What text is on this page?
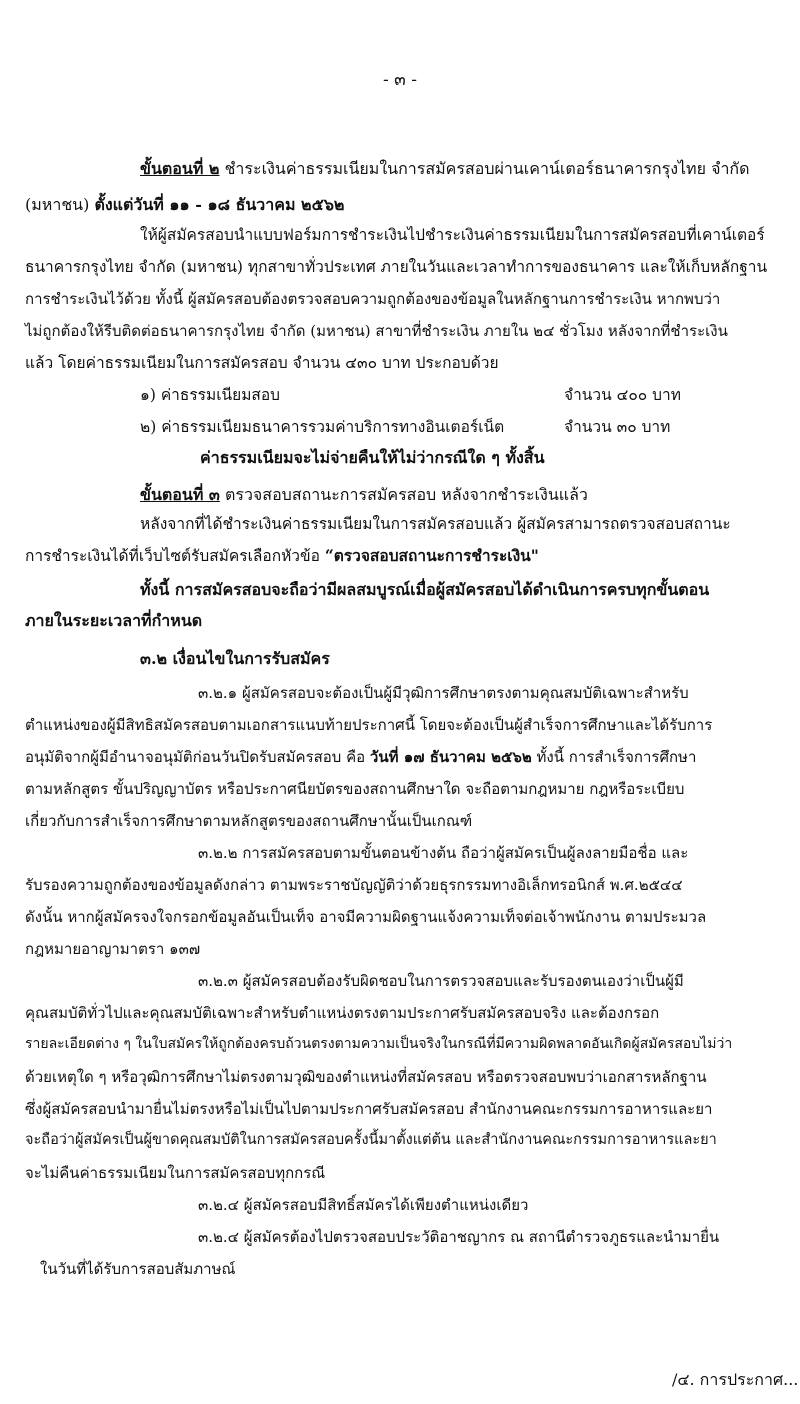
- ๓ -
ขั้นตอนที่ ๒ ชำระเงินค่าธรรมเนียมในการสมัครสอบผ่านเคาน์เตอร์ธนาคารกรุงไทย จำกัด
(มหาชน) ตั้งแต่วันที่ ๑๑ - ๑๘ ธันวาคม ๒๕๖๒
ให้ผู้สมัครสอบนำแบบฟอร์มการชำระเงินไปชำระเงินค่าธรรมเนียมในการสมัครสอบที่เคาน์เตอร์
ธนาคารกรุงไทย จำกัด (มหาชน) ทุกสาขาทั่วประเทศ ภายในวันและเวลาทำการของธนาคาร และให้เก็บหลักฐาน
การชำระเงินไว้ด้วย ทั้งนี้ ผู้สมัครสอบต้องตรวจสอบความถูกต้องของข้อมูลในหลักฐานการชำระเงิน หากพบว่า
ไม่ถูกต้องให้รีบติดต่อธนาคารกรุงไทย จำกัด (มหาชน) สาขาที่ชำระเงิน ภายใน ๒๔ ชั่วโมง หลังจากที่ชำระเงิน
แล้ว โดยค่าธรรมเนียมในการสมัครสอบ จำนวน ๔๓๐ บาท ประกอบด้วย
๑) ค่าธรรมเนียมสอบ	จำนวน ๔๐๐ บาท
๒) ค่าธรรมเนียมธนาคารรวมค่าบริการทางอินเตอร์เน็ต	จำนวน ๓๐ บาท
ค่าธรรมเนียมจะไม่จ่ายคืนให้ไม่ว่ากรณีใด ๆ ทั้งสิ้น
ขั้นตอนที่ ๓ ตรวจสอบสถานะการสมัครสอบ หลังจากชำระเงินแล้ว
หลังจากที่ได้ชำระเงินค่าธรรมเนียมในการสมัครสอบแล้ว ผู้สมัครสามารถตรวจสอบสถานะ
การชำระเงินได้ที่เว็บไซต์รับสมัครเลือกหัวข้อ “ตรวจสอบสถานะการชำระเงิน"
ทั้งนี้ การสมัครสอบจะถือว่ามีผลสมบูรณ์เมื่อผู้สมัครสอบได้ดำเนินการครบทุกขั้นตอน
ภายในระยะเวลาที่กำหนด
๓.๒ เงื่อนไขในการรับสมัคร
๓.๒.๑ ผู้สมัครสอบจะต้องเป็นผู้มีวุฒิการศึกษาตรงตามคุณสมบัติเฉพาะสำหรับ
ตำแหน่งของผู้มีสิทธิสมัครสอบตามเอกสารแนบท้ายประกาศนี้ โดยจะต้องเป็นผู้สำเร็จการศึกษาและได้รับการ
อนุมัติจากผู้มีอำนาจอนุมัติก่อนวันปิดรับสมัครสอบ คือ วันที่ ๑๗ ธันวาคม ๒๕๖๒ ทั้งนี้ การสำเร็จการศึกษา
ตามหลักสูตร ขั้นปริญญาบัตร หรือประกาศนียบัตรของสถานศึกษาใด จะถือตามกฎหมาย กฎหรือระเบียบ
เกี่ยวกับการสำเร็จการศึกษาตามหลักสูตรของสถานศึกษานั้นเป็นเกณฑ์
๓.๒.๒ การสมัครสอบตามขั้นตอนข้างต้น ถือว่าผู้สมัครเป็นผู้ลงลายมือชื่อ และ
รับรองความถูกต้องของข้อมูลดังกล่าว ตามพระราชบัญญัติว่าด้วยธุรกรรมทางอิเล็กทรอนิกส์ พ.ศ.๒๕๔๔
ดังนั้น หากผู้สมัครจงใจกรอกข้อมูลอันเป็นเท็จ อาจมีความผิดฐานแจ้งความเท็จต่อเจ้าพนักงาน ตามประมวล
กฎหมายอาญามาตรา ๑๓๗
๓.๒.๓ ผู้สมัครสอบต้องรับผิดชอบในการตรวจสอบและรับรองตนเองว่าเป็นผู้มี
คุณสมบัติทั่วไปและคุณสมบัติเฉพาะสำหรับตำแหน่งตรงตามประกาศรับสมัครสอบจริง และต้องกรอก
รายละเอียดต่าง ๆ ในใบสมัครให้ถูกต้องครบถ้วนตรงตามความเป็นจริงในกรณีที่มีความผิดพลาดอันเกิดผู้สมัครสอบไม่ว่า
ด้วยเหตุใด ๆ หรือวุฒิการศึกษาไม่ตรงตามวุฒิของตำแหน่งที่สมัครสอบ หรือตรวจสอบพบว่าเอกสารหลักฐาน
ซึ่งผู้สมัครสอบนำมายื่นไม่ตรงหรือไม่เป็นไปตามประกาศรับสมัครสอบ สำนักงานคณะกรรมการอาหารและยา
จะถือว่าผู้สมัครเป็นผู้ขาดคุณสมบัติในการสมัครสอบครั้งนี้มาตั้งแต่ต้น และสำนักงานคณะกรรมการอาหารและยา
จะไม่คืนค่าธรรมเนียมในการสมัครสอบทุกกรณี
๓.๒.๔ ผู้สมัครสอบมีสิทธิ์สมัครได้เพียงตำแหน่งเดียว
๓.๒.๔ ผู้สมัครต้องไปตรวจสอบประวัติอาชญากร ณ สถานีตำรวจภูธรและนำมายื่น
ในวันที่ได้รับการสอบสัมภาษณ์
/๔. การประกาศ...
